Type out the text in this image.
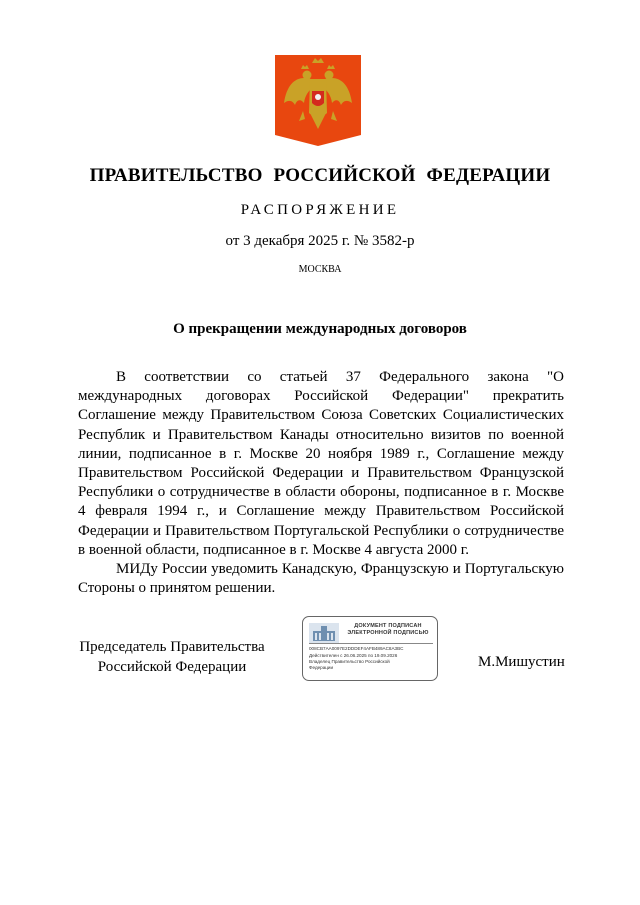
ПРАВИТЕЛЬСТВО РОССИЙСКОЙ ФЕДЕРАЦИИ
РАСПОРЯЖЕНИЕ
от 3 декабря 2025 г. № 3582-р
МОСКВА
О прекращении международных договоров

В соответствии со статьей 37 Федерального закона "О международных договорах Российской Федерации" прекратить Соглашение между Правительством Союза Советских Социалистических Республик и Правительством Канады относительно визитов по военной линии, подписанное в г. Москве 20 ноября 1989 г., Соглашение между Правительством Российской Федерации и Правительством Французской Республики о сотрудничестве в области обороны, подписанное в г. Москве 4 февраля 1994 г., и Соглашение между Правительством Российской Федерации и Правительством Португальской Республики о сотрудничестве в военной области, подписанное в г. Москве 4 августа 2000 г.

МИДу России уведомить Канадскую, Французскую и Португальскую Стороны о принятом решении.

Председатель Правительства
Российской Федерации
ДОКУМЕНТ ПОДПИСАН
ЭЛЕКТРОННОЙ ПОДПИСЬЮ
008CB7AA0097E2DDDEF4AFB489AC8A3BC
Действителен с 26.06.2025 по 19.09.2026
Владелец Правительство Российской
Федерации	М.Мишустин
